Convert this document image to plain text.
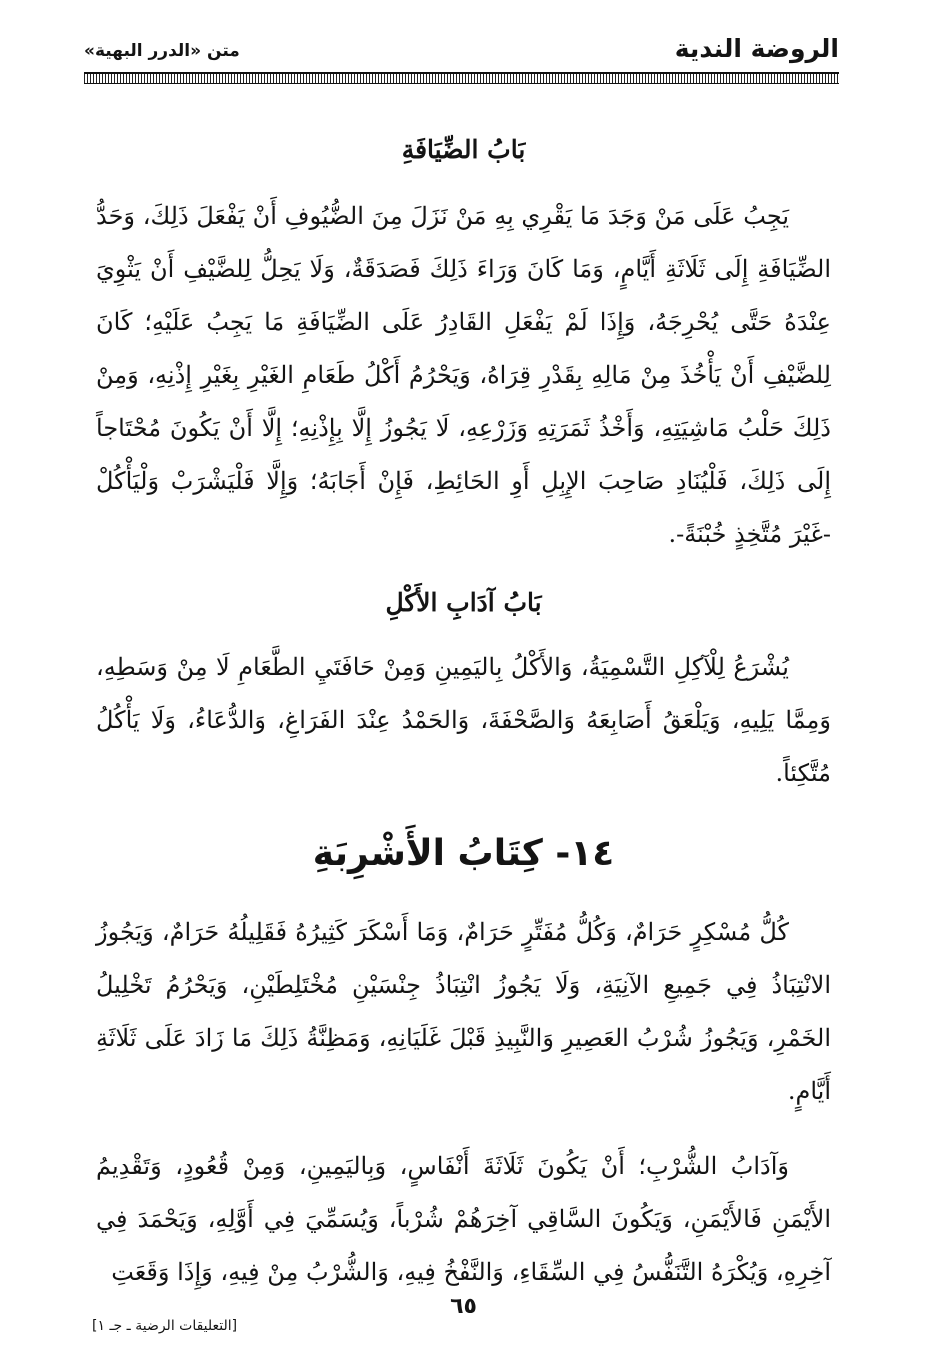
الروضة الندية
متن «الدرر البهية»
بَابُ الضِّيَافَةِ

يَجِبُ عَلَى مَنْ وَجَدَ مَا يَقْرِي بِهِ مَنْ نَزَلَ مِنَ الضُّيُوفِ أَنْ يَفْعَلَ ذَلِكَ، وَحَدُّ الضِّيَافَةِ إِلَى ثَلَاثَةِ أَيَّامٍ، وَمَا كَانَ وَرَاءَ ذَلِكَ فَصَدَقَةٌ، وَلَا يَحِلُّ لِلضَّيْفِ أَنْ يَثْوِيَ عِنْدَهُ حَتَّى يُحْرِجَهُ، وَإِذَا لَمْ يَفْعَلِ القَادِرُ عَلَى الضِّيَافَةِ مَا يَجِبُ عَلَيْهِ؛ كَانَ لِلضَّيْفِ أَنْ يَأْخُذَ مِنْ مَالِهِ بِقَدْرِ قِرَاهُ، وَيَحْرُمُ أَكْلُ طَعَامِ الغَيْرِ بِغَيْرِ إِذْنِهِ، وَمِنْ ذَلِكَ حَلْبُ مَاشِيَتِهِ، وَأَخْذُ ثَمَرَتِهِ وَزَرْعِهِ، لَا يَجُوزُ إِلَّا بِإِذْنِهِ؛ إِلَّا أَنْ يَكُونَ مُحْتَاجاً إِلَى ذَلِكَ، فَلْيُنَادِ صَاحِبَ الإِبِلِ أَوِ الحَائِطِ، فَإِنْ أَجَابَهُ؛ وَإِلَّا فَلْيَشْرَبْ وَلْيَأْكُلْ -غَيْرَ مُتَّخِذٍ خُبْنَةً-.

بَابُ آدَابِ الأَكْلِ

يُشْرَعُ لِلْآكِلِ التَّسْمِيَةُ، وَالأَكْلُ بِاليَمِينِ وَمِنْ حَافَتَيِ الطَّعَامِ لَا مِنْ وَسَطِهِ، وَمِمَّا يَلِيهِ، وَيَلْعَقُ أَصَابِعَهُ وَالصَّحْفَةَ، وَالحَمْدُ عِنْدَ الفَرَاغِ، وَالدُّعَاءُ، وَلَا يَأْكُلُ مُتَّكِئاً.

١٤- كِتَابُ الأَشْرِبَةِ

كُلُّ مُسْكِرٍ حَرَامٌ، وَكُلُّ مُفَتِّرٍ حَرَامٌ، وَمَا أَسْكَرَ كَثِيرُهُ فَقَلِيلُهُ حَرَامٌ، وَيَجُوزُ الانْتِبَاذُ فِي جَمِيعِ الآنِيَةِ، وَلَا يَجُوزُ انْتِبَاذُ جِنْسَيْنِ مُخْتَلِطَيْنِ، وَيَحْرُمُ تَخْلِيلُ الخَمْرِ، وَيَجُوزُ شُرْبُ العَصِيرِ وَالنَّبِيذِ قَبْلَ غَلَيَانِهِ، وَمَظِنَّةُ ذَلِكَ مَا زَادَ عَلَى ثَلَاثَةِ أَيَّامٍ.

وَآدَابُ الشُّرْبِ؛ أَنْ يَكُونَ ثَلَاثَةَ أَنْفَاسٍ، وَبِاليَمِينِ، وَمِنْ قُعُودٍ، وَتَقْدِيمُ الأَيْمَنِ فَالأَيْمَنِ، وَيَكُونَ السَّاقِي آخِرَهُمْ شُرْباً، وَيُسَمِّيَ فِي أَوَّلِهِ، وَيَحْمَدَ فِي آخِرِهِ، وَيُكْرَهُ التَّنَفُّسُ فِي السِّقَاءِ، وَالنَّفْخُ فِيهِ، وَالشُّرْبُ مِنْ فِيهِ، وَإِذَا وَقَعَتِ

٦٥
[التعليقات الرضية ـ جـ ١]
